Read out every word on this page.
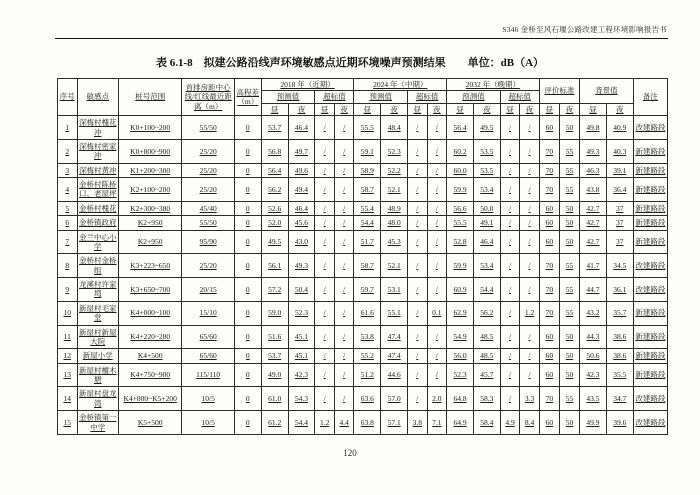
S346 金桥至风石堰公路改建工程环境影响报告书
表 6.1-8　拟建公路沿线声环境敏感点近期环境噪声预测结果　　单位：dB（A）
序号	敏感点	桩号范围	首排房距中心线/红线最近距离（m）	高程差（m）	2018 年（近期）				2024 年（中期）				2032 年（晚期）				评价标准		背景值		备注
					预测值		超标值		预测值		超标值		预测值		超标值						
					昼	夜	昼	夜	昼	夜	昼	夜	昼	夜	昼	夜	昼	夜	昼	夜	
1	深梅村槐花冲	K0+100~200	55/50	0	53.7	46.4	/	/	55.5	48.4	/	/	56.4	49.5	/	/	60	50	49.8	40.9	改建路段
2	深梅村密家冲	K0+800~900	25/20	0	56.8	49.7	/	/	59.1	52.3	/	/	60.2	53.5	/	/	70	55	49.3	40.3	新建路段
3	深梅村黄冲	K1+200~300	25/20	0	56.4	49.6	/	/	58.9	52.2	/	/	60.0	53.5	/	/	70	55	46.3	39.1	新建路段
4	金桥村陈桥口、老屋坪	K2+100~200	25/20	0	56.2	49.4	/	/	58.7	52.1	/	/	59.9	53.4	/	/	70	55	43.8	36.4	新建路段
5	金桥村槐花	K2+300~380	45/40	0	52.6	46.4	/	/	55.4	48.9	/	/	56.6	50.0	/	/	60	50	42.7	37	新建路段
6	金桥镇政府	K2+950	55/50	0	52.0	45.6	/	/	54.4	48.0	/	/	55.5	49.1	/	/	60	50	42.7	37	新建路段
7	金兰中心小学	K2+950	95/90	0	49.5	43.0	/	/	51.7	45.3	/	/	52.8	46.4	/	/	60	50	42.7	37	新建路段
8	金桥村金桥组	K3+223~650	25/20	0	56.1	49.3	/	/	58.7	52.1	/	/	59.9	53.4	/	/	70	55	41.7	34.5	改建路段
9	龙溪村许家塆	K3+650~700	20/15	0	57.2	50.4	/	/	59.7	53.1	/	/	60.9	54.4	/	/	70	55	44.7	36.1	改建路段
10	新屋村毛家堂	K4+000~100	15/10	0	59.0	52.3	/	/	61.6	55.1	/	0.1	62.9	56.2	/	1.2	70	55	43.2	35.7	新建路段
11	新屋村新屋大院	K4+220~280	65/60	0	51.6	45.1	/	/	53.8	47.4	/	/	54.9	48.5	/	/	60	50	44.3	38.6	新建路段
12	新屋小学	K4+500	65/60	0	53.7	45.1	/	/	55.2	47.4	/	/	56.0	48.5	/	/	60	50	50.6	38.6	新建路段
13	新屋村檀木塘	K4+750~900	115/110	0	49.0	42.3	/	/	51.2	44.6	/	/	52.3	45.7	/	/	60	50	42.3	35.5	新建路段
14	新屋村盘龙湾	K4+800~K5+200	10/5	0	61.0	54.3	/	/	63.6	57.0	/	2.0	64.8	58.3	/	3.3	70	55	43.5	34.7	改建路段
15	金桥镇第一中学	K5+500	10/5	0	61.2	54.4	1.2	4.4	63.8	57.1	3.8	7.1	64.9	58.4	4.9	8.4	60	50	49.9	39.6	改建路段
120
